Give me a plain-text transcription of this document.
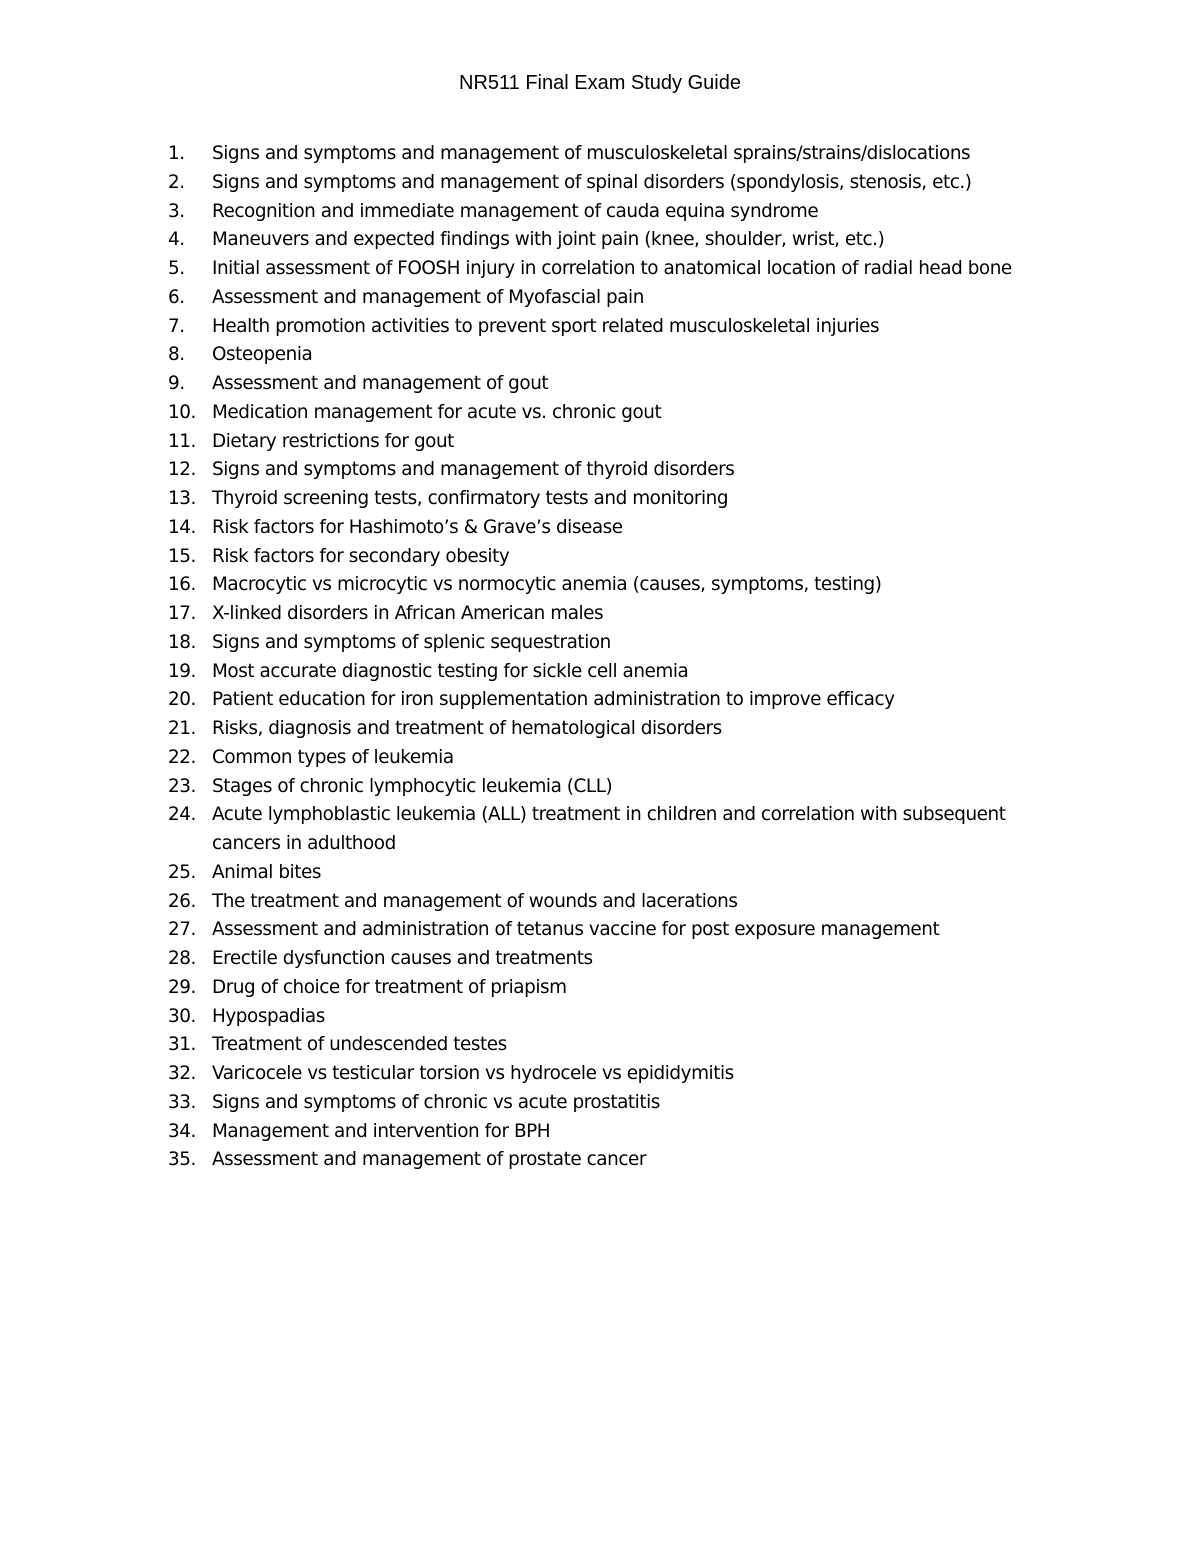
NR511 Final Exam Study Guide
1.	Signs and symptoms and management of musculoskeletal sprains/strains/dislocations
2.	Signs and symptoms and management of spinal disorders (spondylosis, stenosis, etc.)
3.	Recognition and immediate management of cauda equina syndrome
4.	Maneuvers and expected findings with joint pain (knee, shoulder, wrist, etc.)
5.	Initial assessment of FOOSH injury in correlation to anatomical location of radial head bone
6.	Assessment and management of Myofascial pain
7.	Health promotion activities to prevent sport related musculoskeletal injuries
8.	Osteopenia
9.	Assessment and management of gout
10. Medication management for acute vs. chronic gout
11. Dietary restrictions for gout
12. Signs and symptoms and management of thyroid disorders
13. Thyroid screening tests, confirmatory tests and monitoring
14. Risk factors for Hashimoto’s & Grave’s disease
15. Risk factors for secondary obesity
16. Macrocytic vs microcytic vs normocytic anemia (causes, symptoms, testing)
17. X-linked disorders in African American males
18. Signs and symptoms of splenic sequestration
19. Most accurate diagnostic testing for sickle cell anemia
20. Patient education for iron supplementation administration to improve efficacy
21. Risks, diagnosis and treatment of hematological disorders
22. Common types of leukemia
23. Stages of chronic lymphocytic leukemia (CLL)
24. Acute lymphoblastic leukemia (ALL) treatment in children and correlation with subsequent cancers in adulthood
25. Animal bites
26. The treatment and management of wounds and lacerations
27. Assessment and administration of tetanus vaccine for post exposure management
28. Erectile dysfunction causes and treatments
29. Drug of choice for treatment of priapism
30. Hypospadias
31. Treatment of undescended testes
32. Varicocele vs testicular torsion vs hydrocele vs epididymitis
33. Signs and symptoms of chronic vs acute prostatitis
34. Management and intervention for BPH
35. Assessment and management of prostate cancer
